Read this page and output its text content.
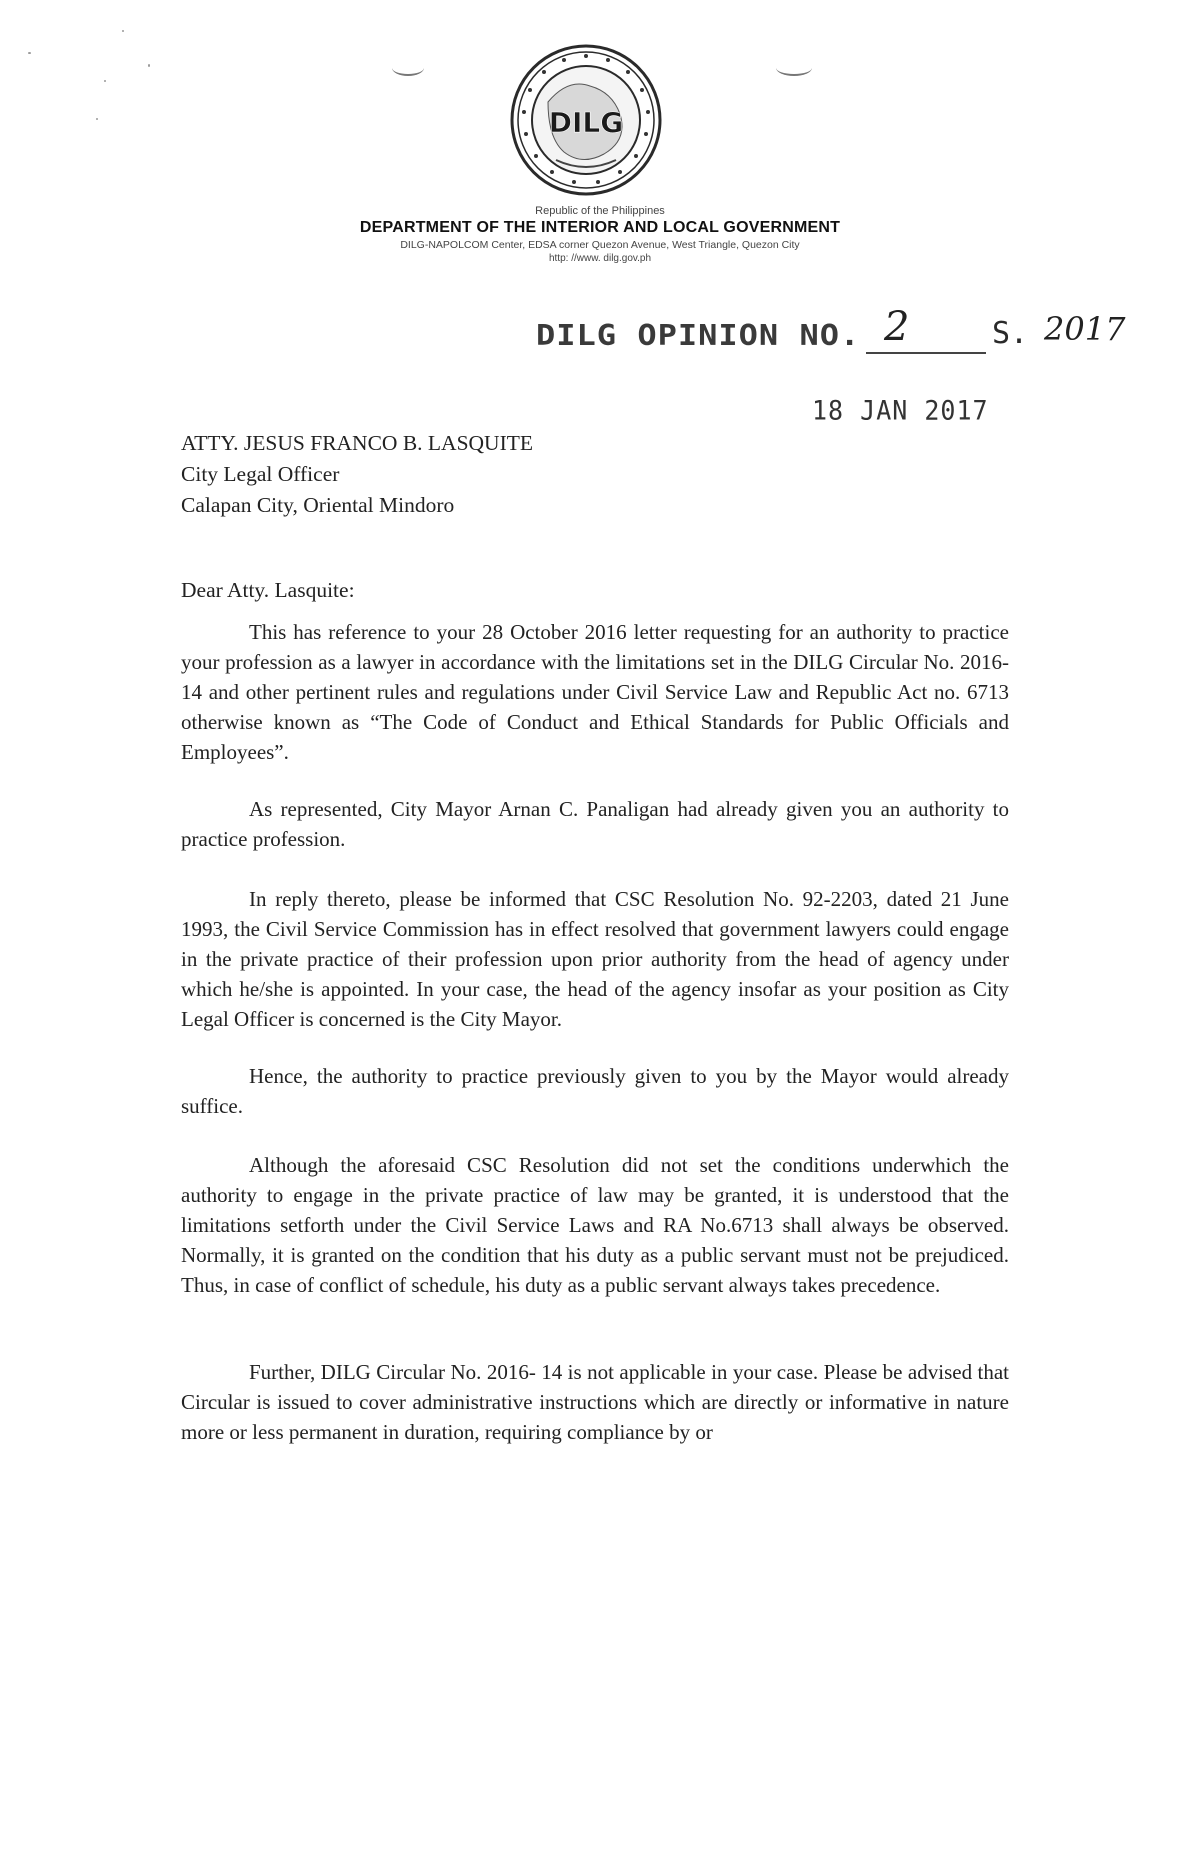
DILG
Republic of the Philippines
DEPARTMENT OF THE INTERIOR AND LOCAL GOVERNMENT
DILG-NAPOLCOM Center, EDSA corner Quezon Avenue, West Triangle, Quezon City
http: //www. dilg.gov.ph
DILG OPINION NO. 2	S. 2017
18 JAN 2017
ATTY. JESUS FRANCO B. LASQUITE
City Legal Officer
Calapan City, Oriental Mindoro
Dear Atty. Lasquite:

This has reference to your 28 October 2016 letter requesting for an authority to practice your profession as a lawyer in accordance with the limitations set in the DILG Circular No. 2016-14 and other pertinent rules and regulations under Civil Service Law and Republic Act no. 6713 otherwise known as “The Code of Conduct and Ethical Standards for Public Officials and Employees”.

As represented, City Mayor Arnan C. Panaligan had already given you an authority to practice profession.

In reply thereto, please be informed that CSC Resolution No. 92-2203, dated 21 June 1993, the Civil Service Commission has in effect resolved that government lawyers could engage in the private practice of their profession upon prior authority from the head of agency under which he/she is appointed. In your case, the head of the agency insofar as your position as City Legal Officer is concerned is the City Mayor.

Hence, the authority to practice previously given to you by the Mayor would already suffice.

Although the aforesaid CSC Resolution did not set the conditions underwhich the authority to engage in the private practice of law may be granted, it is understood that the limitations setforth under the Civil Service Laws and RA No.6713 shall always be observed. Normally, it is granted on the condition that his duty as a public servant must not be prejudiced. Thus, in case of conflict of schedule, his duty as a public servant always takes precedence.

Further, DILG Circular No. 2016- 14 is not applicable in your case. Please be advised that Circular is issued to cover administrative instructions which are directly or informative in nature more or less permanent in duration, requiring compliance by or
